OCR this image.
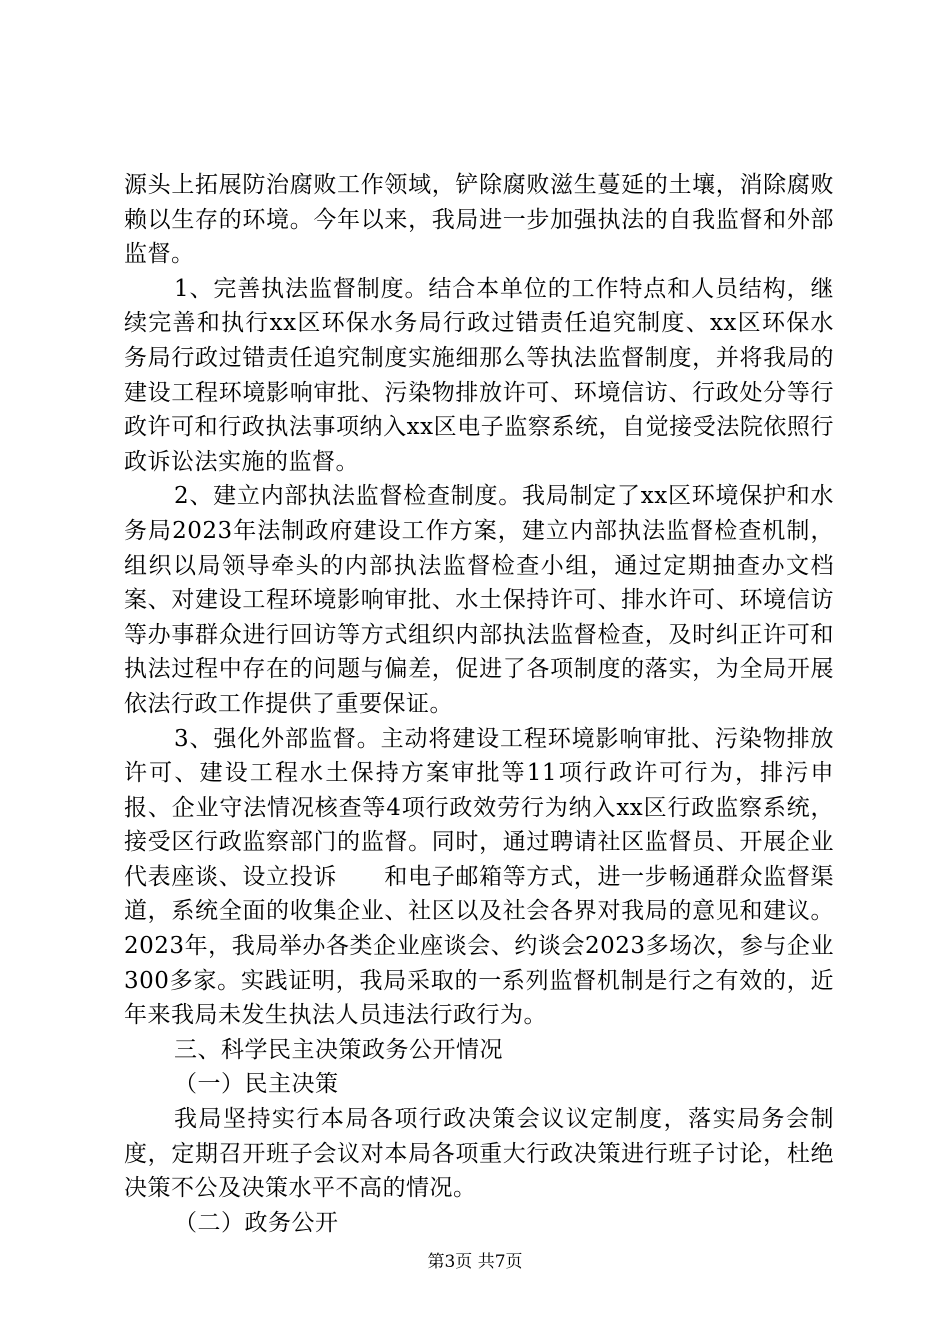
源头上拓展防治腐败工作领域，铲除腐败滋生蔓延的土壤，消除腐败赖以生存的环境。今年以来，我局进一步加强执法的自我监督和外部监督。

1、完善执法监督制度。结合本单位的工作特点和人员结构，继续完善和执行xx区环保水务局行政过错责任追究制度、xx区环保水务局行政过错责任追究制度实施细那么等执法监督制度，并将我局的建设工程环境影响审批、污染物排放许可、环境信访、行政处分等行政许可和行政执法事项纳入xx区电子监察系统，自觉接受法院依照行政诉讼法实施的监督。

2、建立内部执法监督检查制度。我局制定了xx区环境保护和水务局2023年法制政府建设工作方案，建立内部执法监督检查机制，组织以局领导牵头的内部执法监督检查小组，通过定期抽查办文档案、对建设工程环境影响审批、水土保持许可、排水许可、环境信访等办事群众进行回访等方式组织内部执法监督检查，及时纠正许可和执法过程中存在的问题与偏差，促进了各项制度的落实，为全局开展依法行政工作提供了重要保证。

3、强化外部监督。主动将建设工程环境影响审批、污染物排放许可、建设工程水土保持方案审批等11项行政许可行为，排污申报、企业守法情况核查等4项行政效劳行为纳入xx区行政监察系统，接受区行政监察部门的监督。同时，通过聘请社区监督员、开展企业代表座谈、设立投诉　　和电子邮箱等方式，进一步畅通群众监督渠道，系统全面的收集企业、社区以及社会各界对我局的意见和建议。2023年，我局举办各类企业座谈会、约谈会2023多场次，参与企业300多家。实践证明，我局采取的一系列监督机制是行之有效的，近年来我局未发生执法人员违法行政行为。

三、科学民主决策政务公开情况

（一）民主决策

我局坚持实行本局各项行政决策会议议定制度，落实局务会制度，定期召开班子会议对本局各项重大行政决策进行班子讨论，杜绝决策不公及决策水平不高的情况。

（二）政务公开

第3页 共7页
